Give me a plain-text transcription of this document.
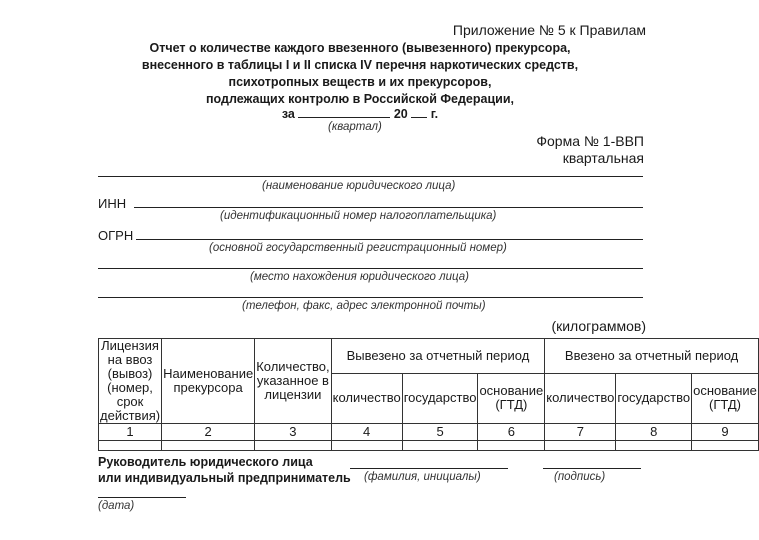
Приложение № 5 к Правилам
Отчет о количестве каждого ввезенного (вывезенного) прекурсора,
внесенного в таблицы I и II списка IV перечня наркотических средств,
психотропных веществ и их прекурсоров,
подлежащих контролю в Российской Федерации,
за	20 г.
(квартал)
Форма № 1-ВВП
квартальная
(наименование юридического лица)
ИНН
(идентификационный номер налогоплательщика)
ОГРН
(основной государственный регистрационный номер)
(место нахождения юридического лица)
(телефон, факс, адрес электронной почты)
(килограммов)
Лицензия на ввоз (вывоз) (номер, срок действия)	Наименование прекурсора	Количество, указанное в лицензии	Вывезено за отчетный период			Ввезено за отчетный период		
			количество	государство	основание (ГТД)	количество	государство	основание (ГТД)
1	2	3	4	5	6	7	8	9

Руководитель юридического лица
или индивидуальный предприниматель (фамилия, инициалы)	(подпись)
(дата)
